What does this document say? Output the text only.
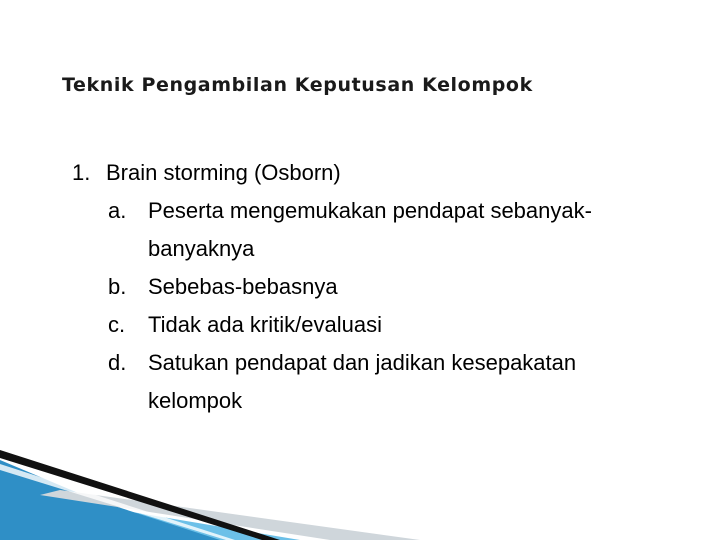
Teknik Pengambilan Keputusan Kelompok
1. Brain storming (Osborn)
a. Peserta mengemukakan pendapat sebanyak-banyaknya
b. Sebebas-bebasnya
c.	Tidak ada kritik/evaluasi
d. Satukan pendapat dan jadikan kesepakatan kelompok
